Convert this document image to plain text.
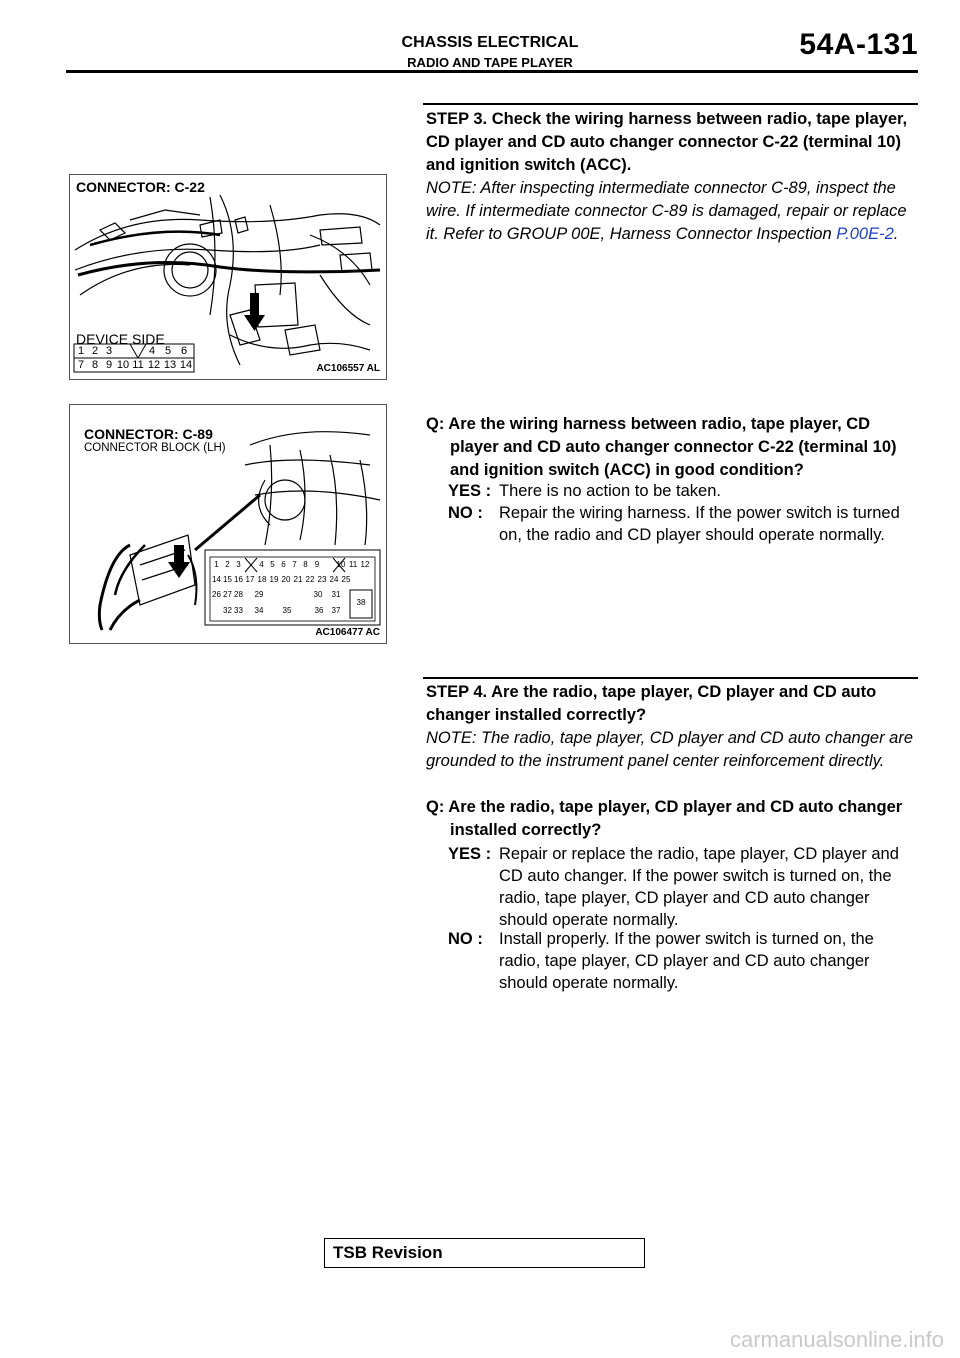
CHASSIS ELECTRICAL
RADIO AND TAPE PLAYER
54A-131
STEP 3. Check the wiring harness between radio, tape player, CD player and CD auto changer connector C-22 (terminal 10) and ignition switch (ACC).
NOTE: After inspecting intermediate connector C-89, inspect the wire. If intermediate connector C-89 is damaged, repair or replace it. Refer to GROUP 00E, Harness Connector Inspection P.00E-2.
CONNECTOR: C-22
DEVICE SIDE
1 2 3	4 5 6
7 8 9 10 11 12 13 14	AC106557 AL
Q: Are the wiring harness between radio, tape player, CD player and CD auto changer connector C-22 (terminal 10) and ignition switch (ACC) in good condition?
YES : There is no action to be taken.
NO : Repair the wiring harness. If the power switch is turned on, the radio and CD player should operate normally.
CONNECTOR: C-89
CONNECTOR BLOCK (LH)
1 2 3	4 5 6 7 8 9	10 11 12
14 15 16 17 18 19 20 21 22 23 24 25
26 27 28	29	30	31
38
32 33	34	35	36	37
AC106477 AC
STEP 4. Are the radio, tape player, CD player and CD auto changer installed correctly?
NOTE: The radio, tape player, CD player and CD auto changer are grounded to the instrument panel center reinforcement directly.
Q: Are the radio, tape player, CD player and CD auto changer installed correctly?
YES : Repair or replace the radio, tape player, CD player and CD auto changer. If the power switch is turned on, the radio, tape player, CD player and CD auto changer should operate normally.
NO : Install properly. If the power switch is turned on, the radio, tape player, CD player and CD auto changer should operate normally.
TSB Revision
carmanualsonline.info
